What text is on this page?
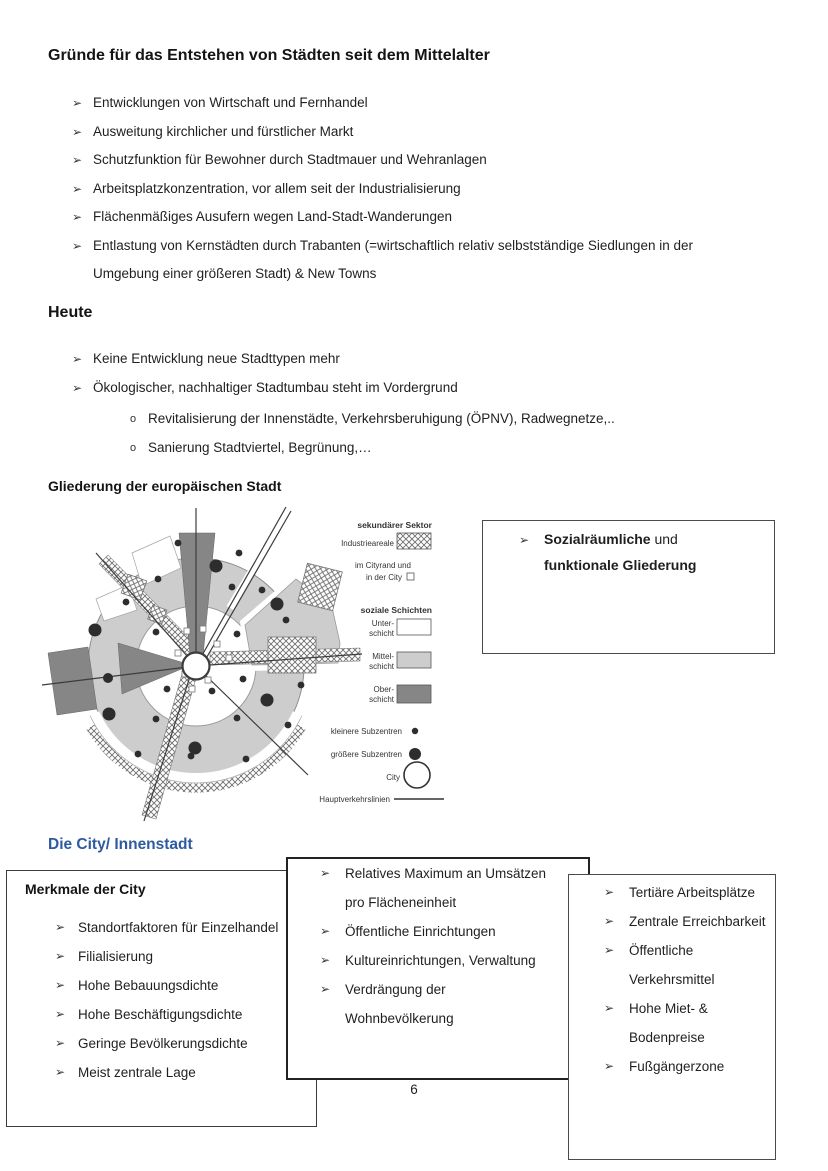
Gründe für das Entstehen von Städten seit dem Mittelalter
➢ Entwicklungen von Wirtschaft und Fernhandel
➢ Ausweitung kirchlicher und fürstlicher Markt
➢ Schutzfunktion für Bewohner durch Stadtmauer und Wehranlagen
➢ Arbeitsplatzkonzentration, vor allem seit der Industrialisierung
➢ Flächenmäßiges Ausufern wegen Land-Stadt-Wanderungen
➢ Entlastung von Kernstädten durch Trabanten (=wirtschaftlich relativ selbstständige Siedlungen in der Umgebung einer größeren Stadt) & New Towns
Heute
➢ Keine Entwicklung neue Stadttypen mehr
➢ Ökologischer, nachhaltiger Stadtumbau steht im Vordergrund
o Revitalisierung der Innenstädte, Verkehrsberuhigung (ÖPNV), Radwegnetze,..
o Sanierung Stadtviertel, Begrünung,…
Gliederung der europäischen Stadt
sekundärer Sektor
Industrieareale
im Cityrand und
in der City
soziale Schichten
Unter-
schicht
Mittel-
schicht
Ober-
schicht
kleinere Subzentren
größere Subzentren
City
Hauptverkehrslinien
➢ Sozialräumliche und
funktionale Gliederung
Die City/ Innenstadt
Merkmale der City
➢ Standortfaktoren für Einzelhandel
➢ Filialisierung
➢ Hohe Bebauungsdichte
➢ Hohe Beschäftigungsdichte
➢ Geringe Bevölkerungsdichte
➢ Meist zentrale Lage
➢	Relatives Maximum an Umsätzen pro Flächeneinheit
➢	Öffentliche Einrichtungen
➢	Kultureinrichtungen, Verwaltung
➢	Verdrängung der Wohnbevölkerung
➢	Tertiäre Arbeitsplätze
➢	Zentrale Erreichbarkeit
➢	Öffentliche Verkehrsmittel
➢	Hohe Miet- & Bodenpreise
➢	Fußgängerzone
6
